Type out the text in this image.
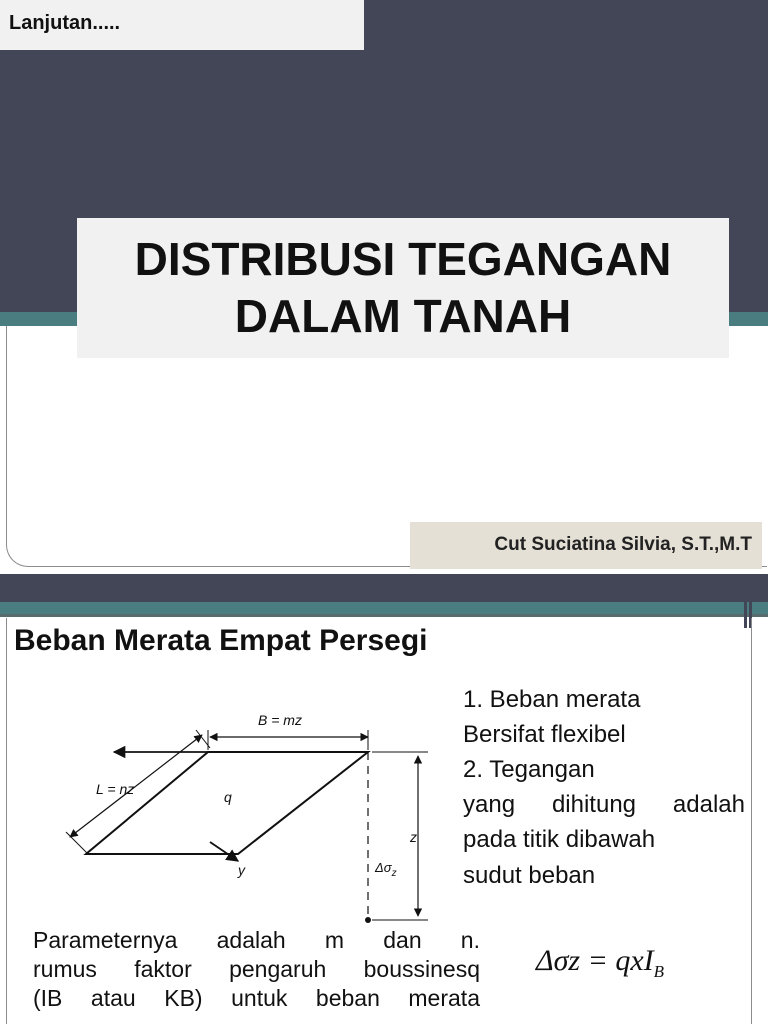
Lanjutan.....
DISTRIBUSI TEGANGAN
DALAM TANAH
Cut Suciatina Silvia, S.T.,M.T
Beban Merata Empat Persegi
B = mz
L = nz	q
z
y	$\Delta\sigma_z$
1. Beban merata
Bersifat flexibel
2. Tegangan
yang dihitung adalah
pada titik dibawah
sudut beban
Parameternya adalah m dan n.
rumus faktor pengaruh boussinesq
(IB atau KB) untuk beban merata
Δσz = qxI$_B$
